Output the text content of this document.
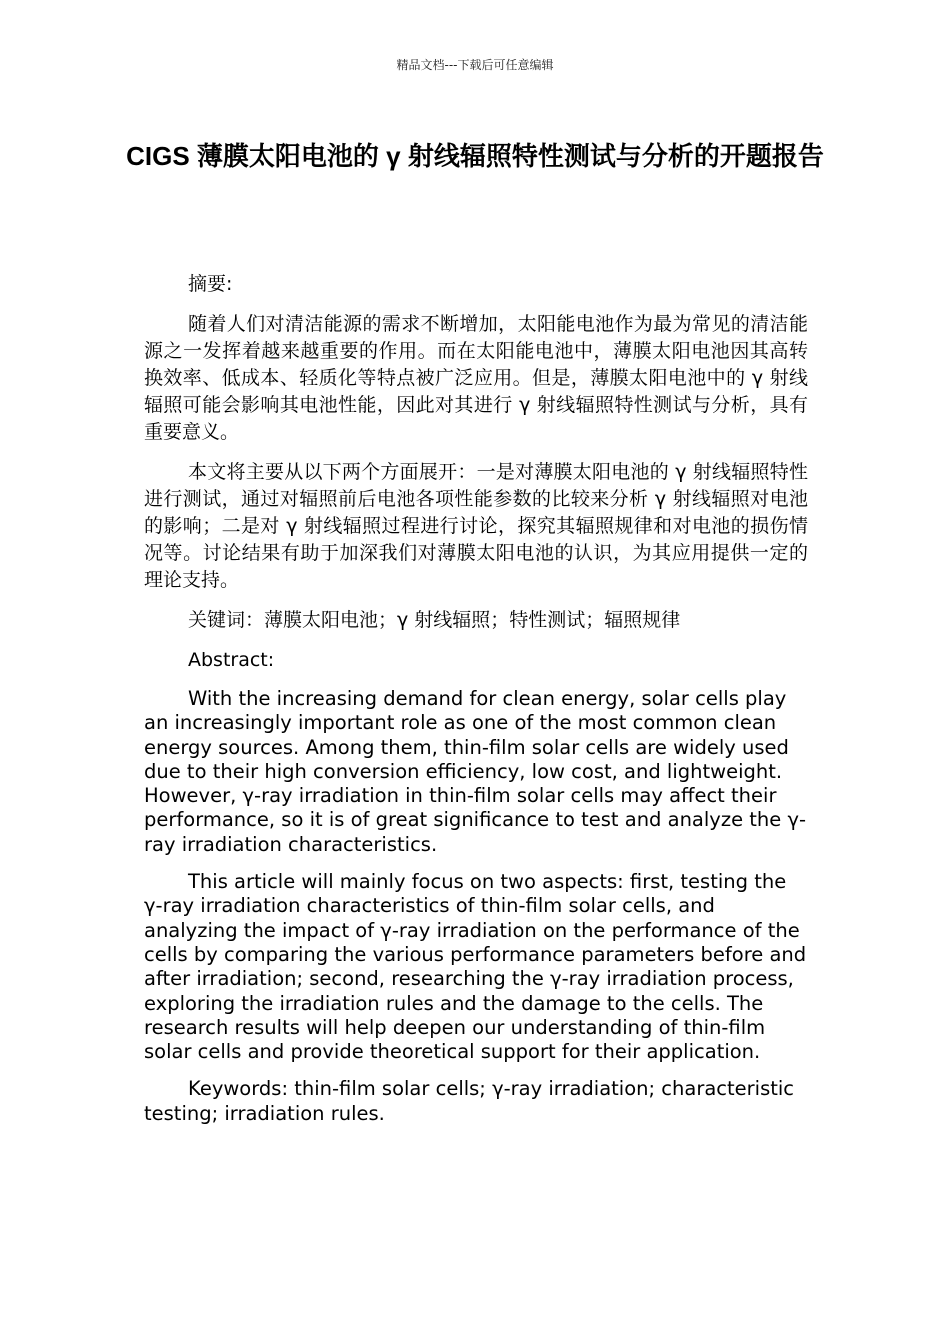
精品文档---下载后可任意编辑
CIGS 薄膜太阳电池的 γ 射线辐照特性测试与分析的开题报告

摘要:

随着人们对清洁能源的需求不断增加，太阳能电池作为最为常见的清洁能源之一发挥着越来越重要的作用。而在太阳能电池中，薄膜太阳电池因其高转换效率、低成本、轻质化等特点被广泛应用。但是，薄膜太阳电池中的 γ 射线辐照可能会影响其电池性能，因此对其进行 γ 射线辐照特性测试与分析，具有重要意义。

本文将主要从以下两个方面展开：一是对薄膜太阳电池的 γ 射线辐照特性进行测试，通过对辐照前后电池各项性能参数的比较来分析 γ 射线辐照对电池的影响；二是对 γ 射线辐照过程进行讨论，探究其辐照规律和对电池的损伤情况等。讨论结果有助于加深我们对薄膜太阳电池的认识，为其应用提供一定的理论支持。

关键词：薄膜太阳电池；γ 射线辐照；特性测试；辐照规律

Abstract:

With the increasing demand for clean energy, solar cells play an increasingly important role as one of the most common clean energy sources. Among them, thin-film solar cells are widely used due to their high conversion efficiency, low cost, and lightweight. However, γ-ray irradiation in thin-film solar cells may affect their performance, so it is of great significance to test and analyze the γ-ray irradiation characteristics.

This article will mainly focus on two aspects: first, testing the γ-ray irradiation characteristics of thin-film solar cells, and analyzing the impact of γ-ray irradiation on the performance of the cells by comparing the various performance parameters before and after irradiation; second, researching the γ-ray irradiation process, exploring the irradiation rules and the damage to the cells. The research results will help deepen our understanding of thin-film solar cells and provide theoretical support for their application.

Keywords: thin-film solar cells; γ-ray irradiation; characteristic testing; irradiation rules.
